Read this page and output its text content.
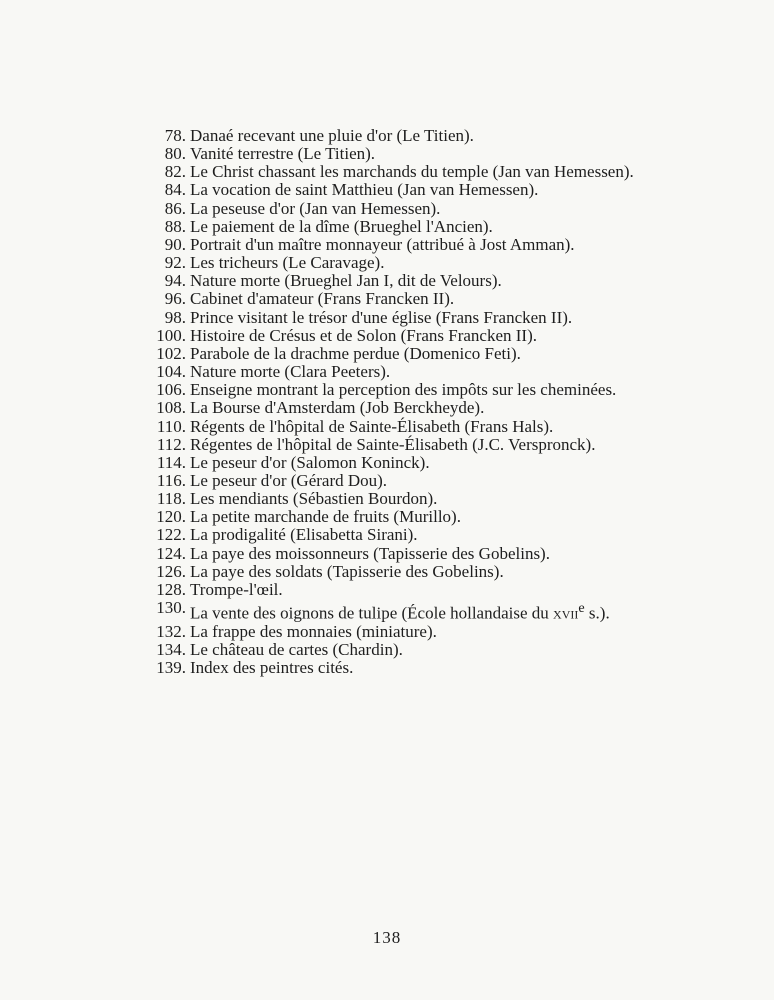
78. Danaé recevant une pluie d'or (Le Titien).
80. Vanité terrestre (Le Titien).
82. Le Christ chassant les marchands du temple (Jan van Hemessen).
84. La vocation de saint Matthieu (Jan van Hemessen).
86. La peseuse d'or (Jan van Hemessen).
88. Le paiement de la dîme (Brueghel l'Ancien).
90. Portrait d'un maître monnayeur (attribué à Jost Amman).
92. Les tricheurs (Le Caravage).
94. Nature morte (Brueghel Jan I, dit de Velours).
96. Cabinet d'amateur (Frans Francken II).
98. Prince visitant le trésor d'une église (Frans Francken II).
100. Histoire de Crésus et de Solon (Frans Francken II).
102. Parabole de la drachme perdue (Domenico Feti).
104. Nature morte (Clara Peeters).
106. Enseigne montrant la perception des impôts sur les cheminées.
108. La Bourse d'Amsterdam (Job Berckheyde).
110. Régents de l'hôpital de Sainte-Élisabeth (Frans Hals).
112. Régentes de l'hôpital de Sainte-Élisabeth (J.C. Verspronck).
114. Le peseur d'or (Salomon Koninck).
116. Le peseur d'or (Gérard Dou).
118. Les mendiants (Sébastien Bourdon).
120. La petite marchande de fruits (Murillo).
122. La prodigalité (Elisabetta Sirani).
124. La paye des moissonneurs (Tapisserie des Gobelins).
126. La paye des soldats (Tapisserie des Gobelins).
128. Trompe-l'œil.
130. La vente des oignons de tulipe (École hollandaise du xvii$^e$ s.).
132. La frappe des monnaies (miniature).
134. Le château de cartes (Chardin).
139. Index des peintres cités.
138
